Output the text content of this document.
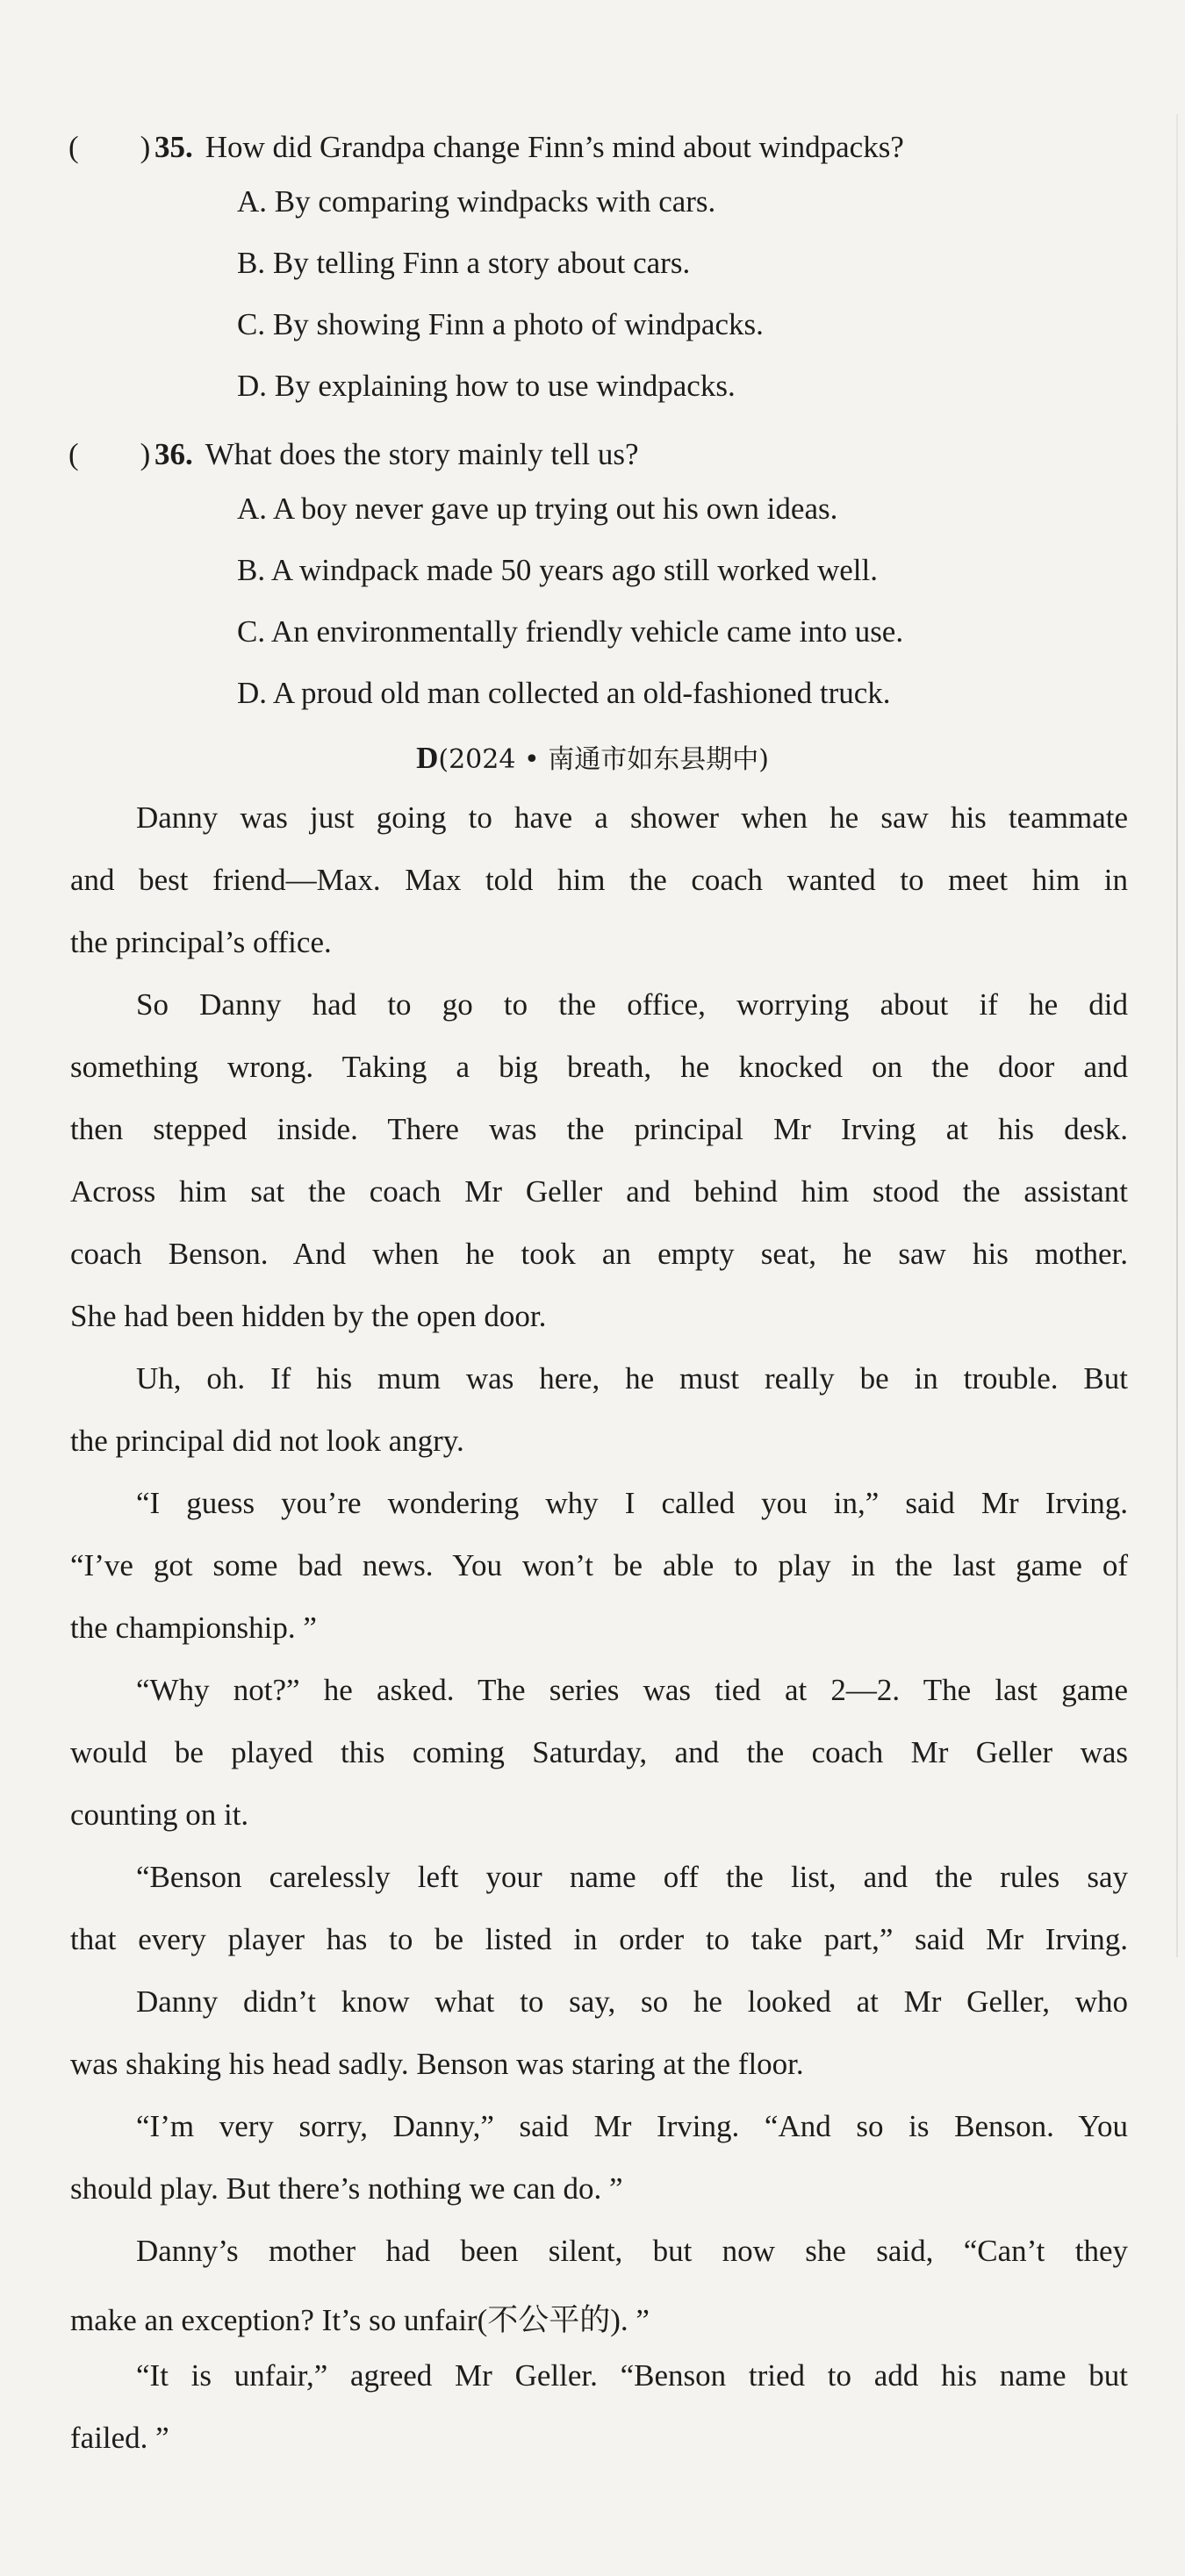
(　　) 35. How did Grandpa change Finn’s mind about windpacks?
A. By comparing windpacks with cars.
B. By telling Finn a story about cars.
C. By showing Finn a photo of windpacks.
D. By explaining how to use windpacks.
(　　) 36. What does the story mainly tell us?
A. A boy never gave up trying out his own ideas.
B. A windpack made 50 years ago still worked well.
C. An environmentally friendly vehicle came into use.
D. A proud old man collected an old-fashioned truck.
D(2024 • 南通市如东县期中)
Danny was just going to have a shower when he saw his teammate
and best friend—Max. Max told him the coach wanted to meet him in
the principal’s office.
So Danny had to go to the office, worrying about if he did
something wrong. Taking a big breath, he knocked on the door and
then stepped inside. There was the principal Mr Irving at his desk.
Across him sat the coach Mr Geller and behind him stood the assistant
coach Benson. And when he took an empty seat, he saw his mother.
She had been hidden by the open door.
Uh, oh. If his mum was here, he must really be in trouble. But
the principal did not look angry.
“I guess you’re wondering why I called you in,” said Mr Irving.
“I’ve got some bad news. You won’t be able to play in the last game of
the championship. ”
“Why not?” he asked. The series was tied at 2—2. The last game
would be played this coming Saturday, and the coach Mr Geller was
counting on it.
“Benson carelessly left your name off the list, and the rules say
that every player has to be listed in order to take part,” said Mr Irving.
Danny didn’t know what to say, so he looked at Mr Geller, who
was shaking his head sadly. Benson was staring at the floor.
“I’m very sorry, Danny,” said Mr Irving. “And so is Benson. You
should play. But there’s nothing we can do. ”
Danny’s mother had been silent, but now she said, “Can’t they
make an exception? It’s so unfair(不公平的). ”
“It is unfair,” agreed Mr Geller. “Benson tried to add his name but
failed. ”
